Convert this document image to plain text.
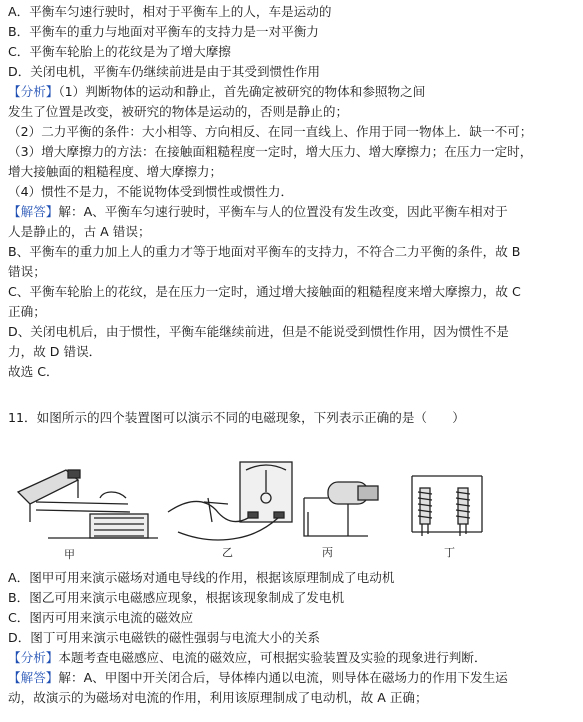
A．平衡车匀速行驶时，相对于平衡车上的人，车是运动的
B．平衡车的重力与地面对平衡车的支持力是一对平衡力
C．平衡车轮胎上的花纹是为了增大摩擦
D．关闭电机，平衡车仍继续前进是由于其受到惯性作用
【分析】（1）判断物体的运动和静止，首先确定被研究的物体和参照物之间
发生了位置是改变，被研究的物体是运动的，否则是静止的；
（2）二力平衡的条件：大小相等、方向相反、在同一直线上、作用于同一物体上．缺一不可；
（3）增大摩擦力的方法：在接触面粗糙程度一定时，增大压力、增大摩擦力；在压力一定时，
增大接触面的粗糙程度、增大摩擦力；
（4）惯性不是力，不能说物体受到惯性或惯性力．
【解答】解：A、平衡车匀速行驶时，平衡车与人的位置没有发生改变，因此平衡车相对于
人是静止的，古 A 错误；
B、平衡车的重力加上人的重力才等于地面对平衡车的支持力，不符合二力平衡的条件，故 B
错误；
C、平衡车轮胎上的花纹，是在压力一定时，通过增大接触面的粗糙程度来增大摩擦力，故 C
正确；
D、关闭电机后，由于惯性，平衡车能继续前进，但是不能说受到惯性作用，因为惯性不是
力，故 D 错误．
故选 C．
11．如图所示的四个装置图可以演示不同的电磁现象，下列表示正确的是（　　）
甲	乙	丙	丁
A．图甲可用来演示磁场对通电导线的作用，根据该原理制成了电动机
B．图乙可用来演示电磁感应现象，根据该现象制成了发电机
C．图丙可用来演示电流的磁效应
D．图丁可用来演示电磁铁的磁性强弱与电流大小的关系
【分析】本题考查电磁感应、电流的磁效应，可根据实验装置及实验的现象进行判断．
【解答】解：A、甲图中开关闭合后，导体棒内通以电流，则导体在磁场力的作用下发生运
动，故演示的为磁场对电流的作用，利用该原理制成了电动机，故 A 正确；
